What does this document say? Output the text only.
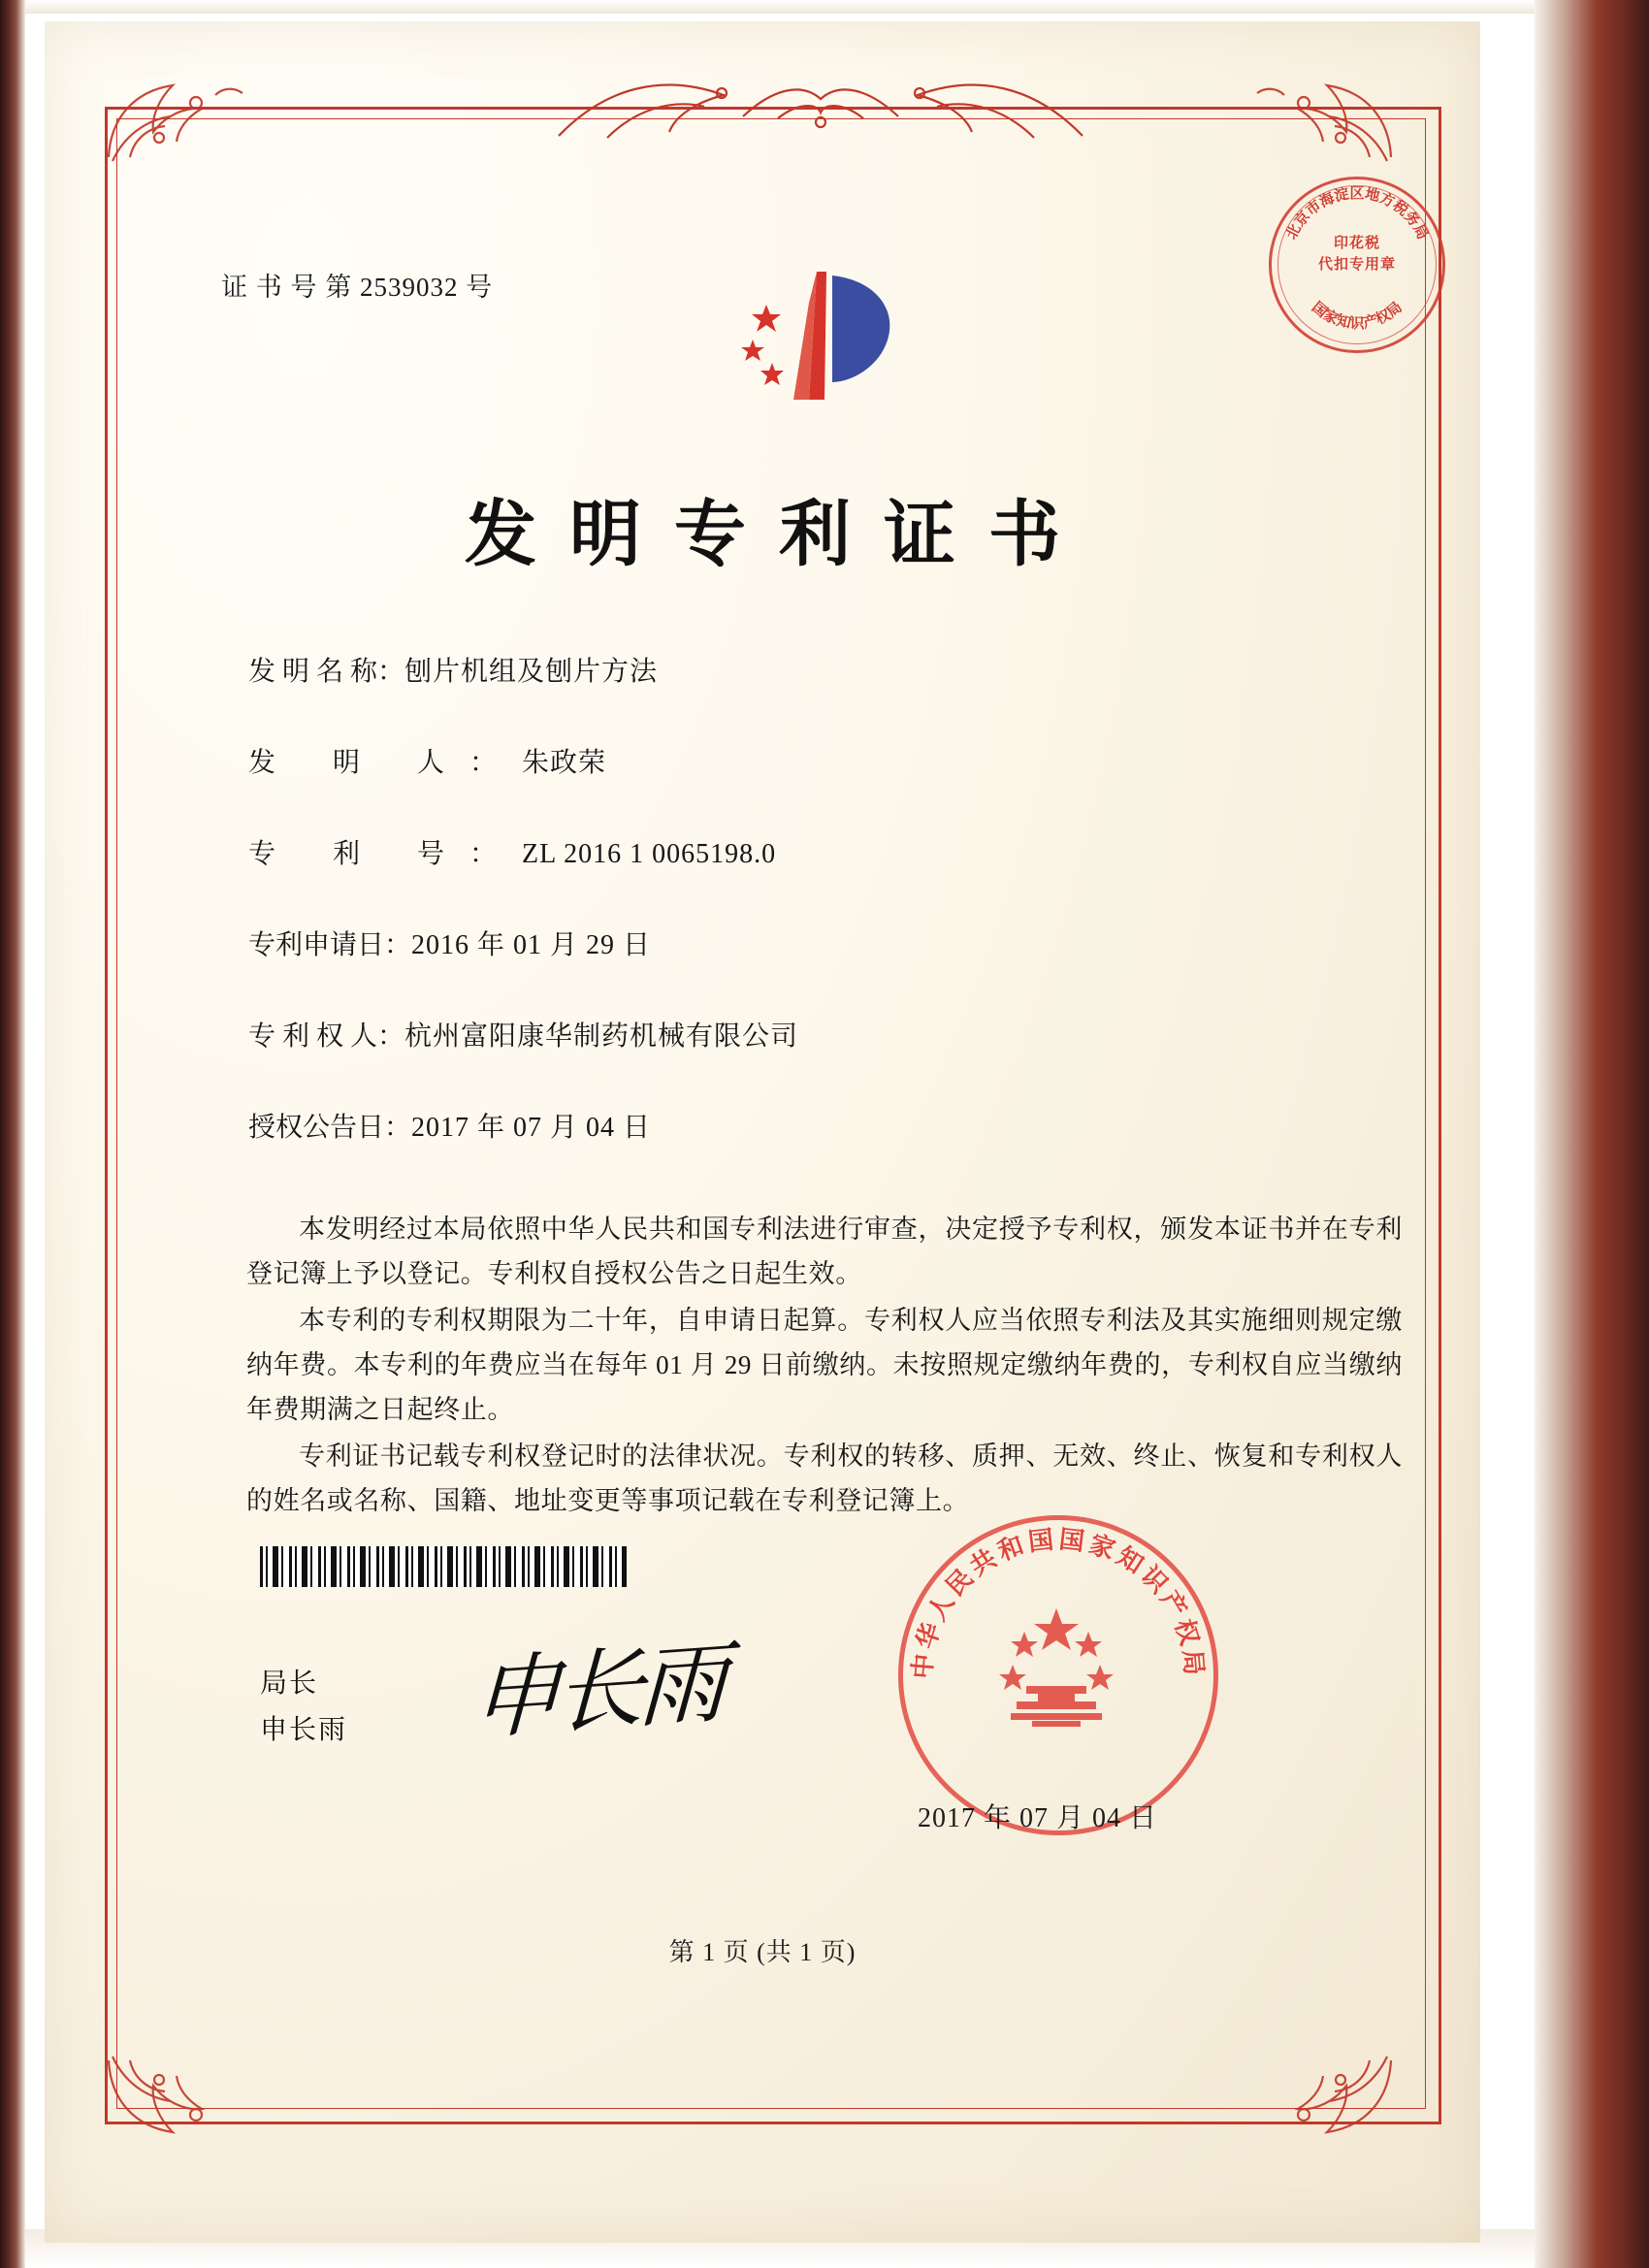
证 书 号 第 2539032 号
北京市海淀区地方税务局
国家知识产权局
印花税
代扣专用章
发明专利证书
发 明 名 称： 刨片机组及刨片方法
发 明 人： 朱政荣
专 利 号： ZL 2016 1 0065198.0
专利申请日： 2016 年 01 月 29 日
专 利 权 人： 杭州富阳康华制药机械有限公司
授权公告日： 2017 年 07 月 04 日

本发明经过本局依照中华人民共和国专利法进行审查，决定授予专利权，颁发本证书并在专利登记簿上予以登记。专利权自授权公告之日起生效。

本专利的专利权期限为二十年，自申请日起算。专利权人应当依照专利法及其实施细则规定缴纳年费。本专利的年费应当在每年 01 月 29 日前缴纳。未按照规定缴纳年费的，专利权自应当缴纳年费期满之日起终止。

专利证书记载专利权登记时的法律状况。专利权的转移、质押、无效、终止、恢复和专利权人的姓名或名称、国籍、地址变更等事项记载在专利登记簿上。

局长
申长雨 申长雨	中华人民共和国国家知识产权局
2017 年 07 月 04 日
第 1 页 (共 1 页)
